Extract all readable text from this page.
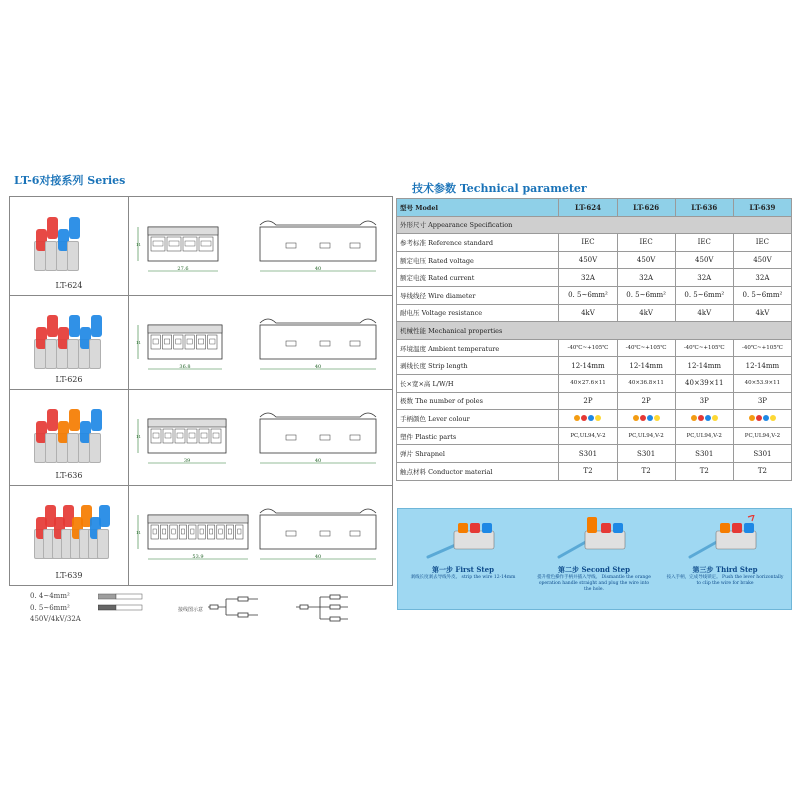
LT-6对接系列 Series
技术参数 Technical parameter
LT-624
27.6	40
11
LT-626
36.8	40
11
LT-636
39	40
11
LT-639
53.9	40
11
0. 4~4mm²
0. 5~6mm²
450V/4kV/32A
接线图示意
型号 Model	LT-624	LT-626	LT-636	LT-639
外形尺寸 Appearance Specification				
参考标准 Reference standard	IEC	IEC	IEC	IEC
额定电压 Rated voltage	450V	450V	450V	450V
额定电流 Rated current	32A	32A	32A	32A
导线线径 Wire diameter	0. 5~6mm²	0. 5~6mm²	0. 5~6mm²	0. 5~6mm²
耐电压 Voltage resistance	4kV	4kV	4kV	4kV
机械性能 Mechanical properties				
环境温度 Ambient temperature	-40℃~+105℃	-40℃~+105℃	-40℃~+105℃	-40℃~+105℃
剥线长度 Strip length	12-14mm	12-14mm	12-14mm	12-14mm
长×宽×高 L/W/H	40×27.6×11	40×36.8×11	40×39×11	40×53.9×11
极数 The number of poles	2P	2P	3P	3P
手柄颜色 Lever colour				
塑件 Plastic parts	PC,UL94,V-2	PC,UL94,V-2	PC,UL94,V-2	PC,UL94,V-2
弹片 Shrapnel	S301	S301	S301	S301
触点材料 Conductor material	T2	T2	T2	T2
第一步 First Step
剥线长度剥去导线外皮。 strip the wire 12-14mm
第二步 Second Step
提升橙色操作手柄并插入导线。 Dismantle the orange operation handle straight and plug the wire into the hole.
第三步 Third Step
按入手柄，完成导线锁定。 Push the lever horizontally to clip the wire for brake
